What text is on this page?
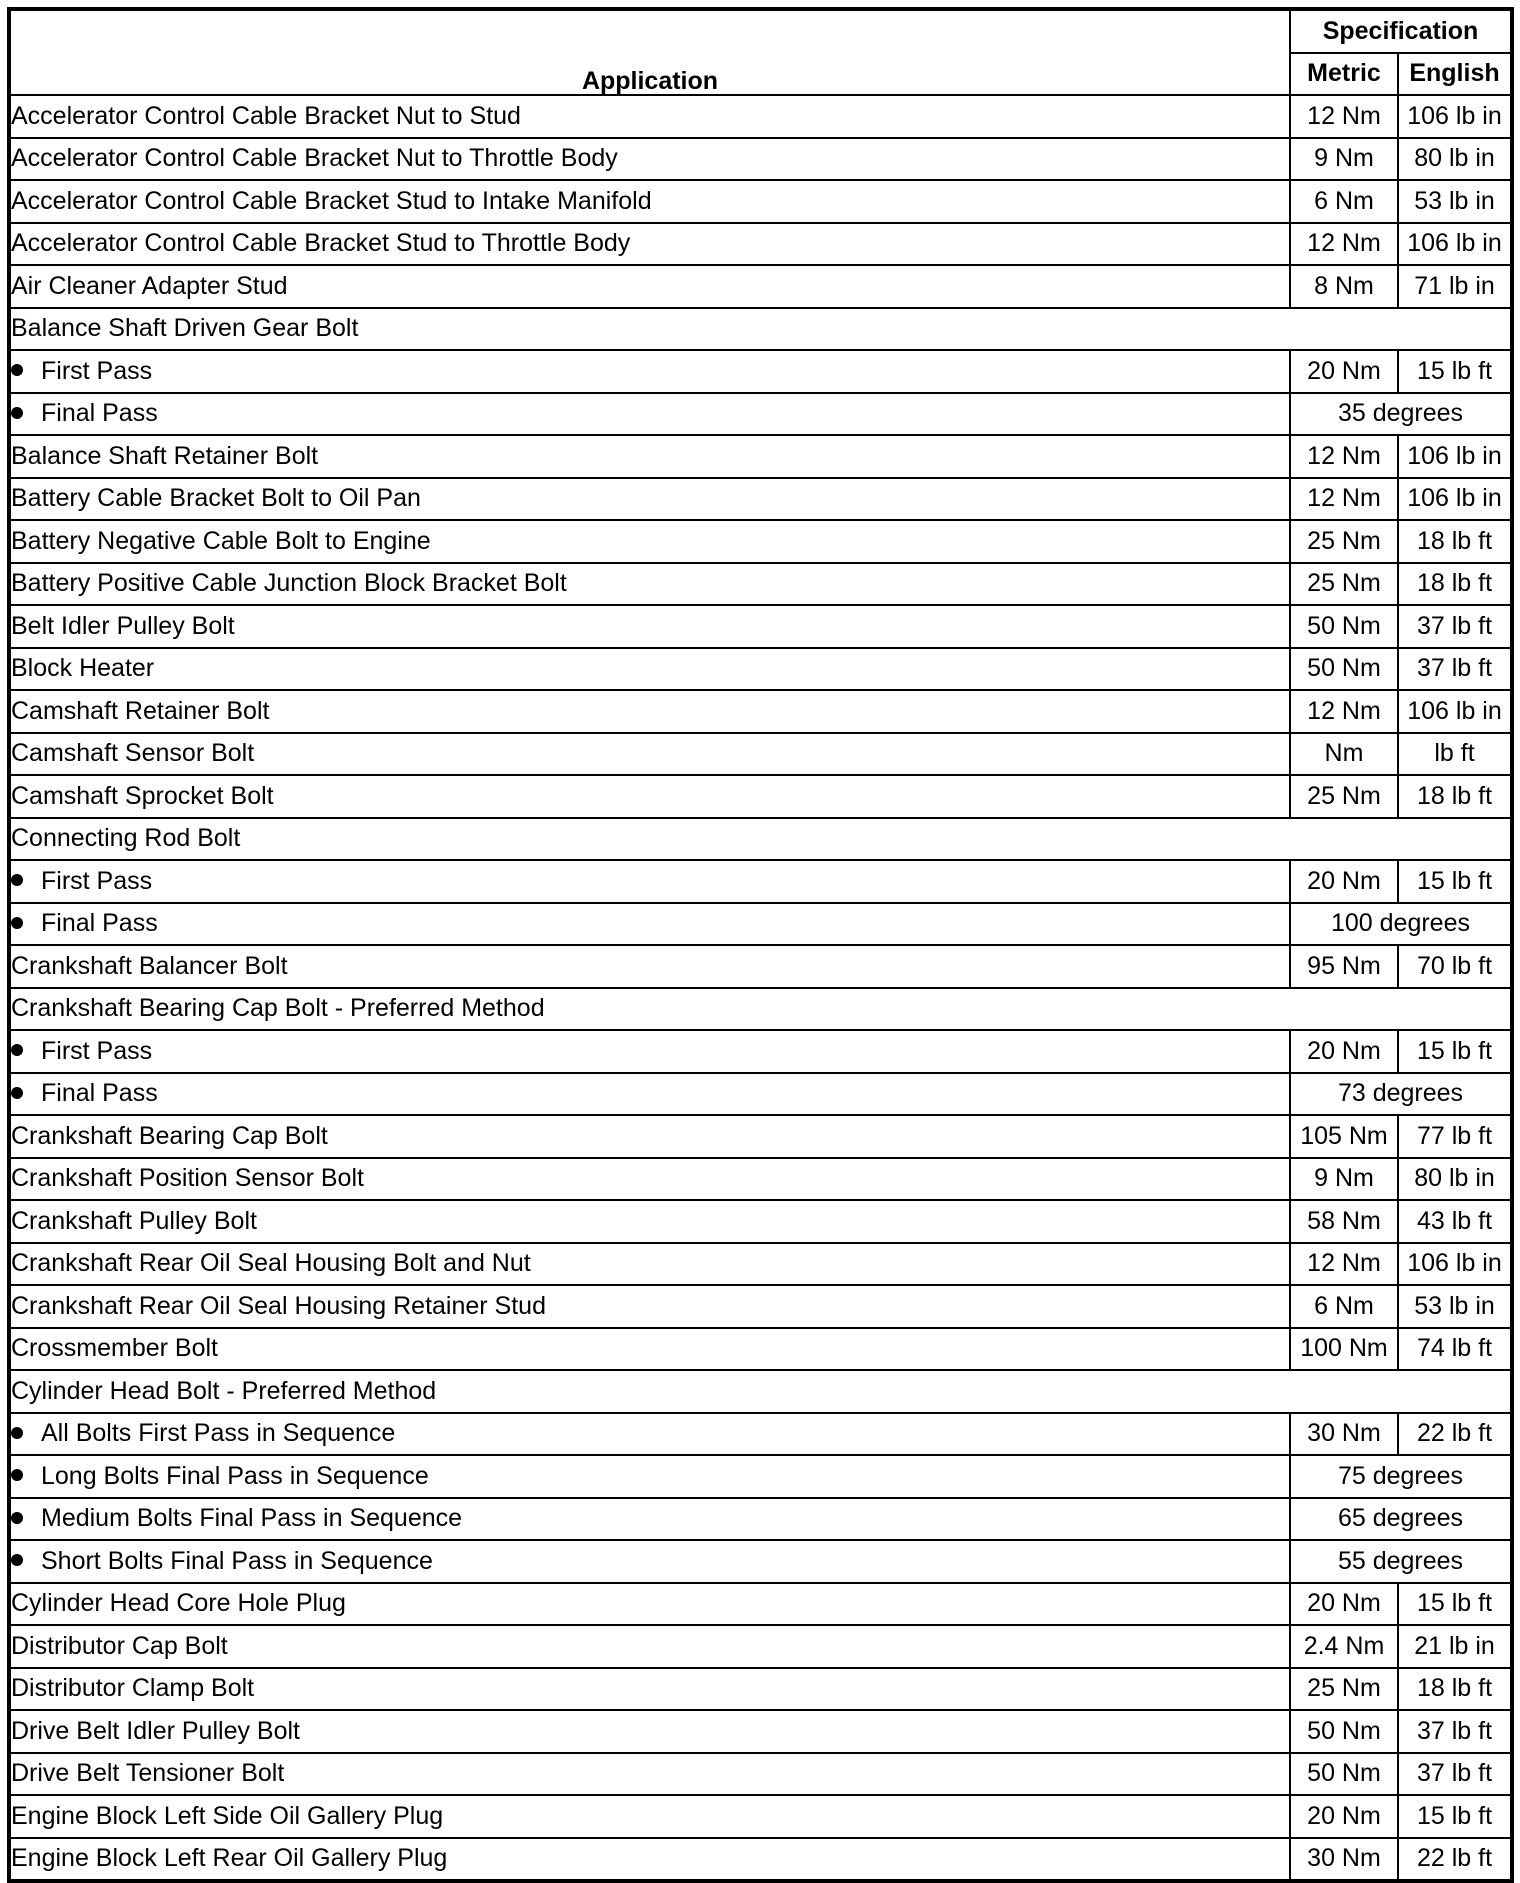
Application	Specification	
	Metric	English
Accelerator Control Cable Bracket Nut to Stud	12 Nm	106 lb in
Accelerator Control Cable Bracket Nut to Throttle Body	9 Nm	80 lb in
Accelerator Control Cable Bracket Stud to Intake Manifold	6 Nm	53 lb in
Accelerator Control Cable Bracket Stud to Throttle Body	12 Nm	106 lb in
Air Cleaner Adapter Stud	8 Nm	71 lb in
Balance Shaft Driven Gear Bolt		
First Pass	20 Nm	15 lb ft
Final Pass	35 degrees	
Balance Shaft Retainer Bolt	12 Nm	106 lb in
Battery Cable Bracket Bolt to Oil Pan	12 Nm	106 lb in
Battery Negative Cable Bolt to Engine	25 Nm	18 lb ft
Battery Positive Cable Junction Block Bracket Bolt	25 Nm	18 lb ft
Belt Idler Pulley Bolt	50 Nm	37 lb ft
Block Heater	50 Nm	37 lb ft
Camshaft Retainer Bolt	12 Nm	106 lb in
Camshaft Sensor Bolt	Nm	lb ft
Camshaft Sprocket Bolt	25 Nm	18 lb ft
Connecting Rod Bolt		
First Pass	20 Nm	15 lb ft
Final Pass	100 degrees	
Crankshaft Balancer Bolt	95 Nm	70 lb ft
Crankshaft Bearing Cap Bolt - Preferred Method		
First Pass	20 Nm	15 lb ft
Final Pass	73 degrees	
Crankshaft Bearing Cap Bolt	105 Nm	77 lb ft
Crankshaft Position Sensor Bolt	9 Nm	80 lb in
Crankshaft Pulley Bolt	58 Nm	43 lb ft
Crankshaft Rear Oil Seal Housing Bolt and Nut	12 Nm	106 lb in
Crankshaft Rear Oil Seal Housing Retainer Stud	6 Nm	53 lb in
Crossmember Bolt	100 Nm	74 lb ft
Cylinder Head Bolt - Preferred Method		
All Bolts First Pass in Sequence	30 Nm	22 lb ft
Long Bolts Final Pass in Sequence	75 degrees	
Medium Bolts Final Pass in Sequence	65 degrees	
Short Bolts Final Pass in Sequence	55 degrees	
Cylinder Head Core Hole Plug	20 Nm	15 lb ft
Distributor Cap Bolt	2.4 Nm	21 lb in
Distributor Clamp Bolt	25 Nm	18 lb ft
Drive Belt Idler Pulley Bolt	50 Nm	37 lb ft
Drive Belt Tensioner Bolt	50 Nm	37 lb ft
Engine Block Left Side Oil Gallery Plug	20 Nm	15 lb ft
Engine Block Left Rear Oil Gallery Plug	30 Nm	22 lb ft
